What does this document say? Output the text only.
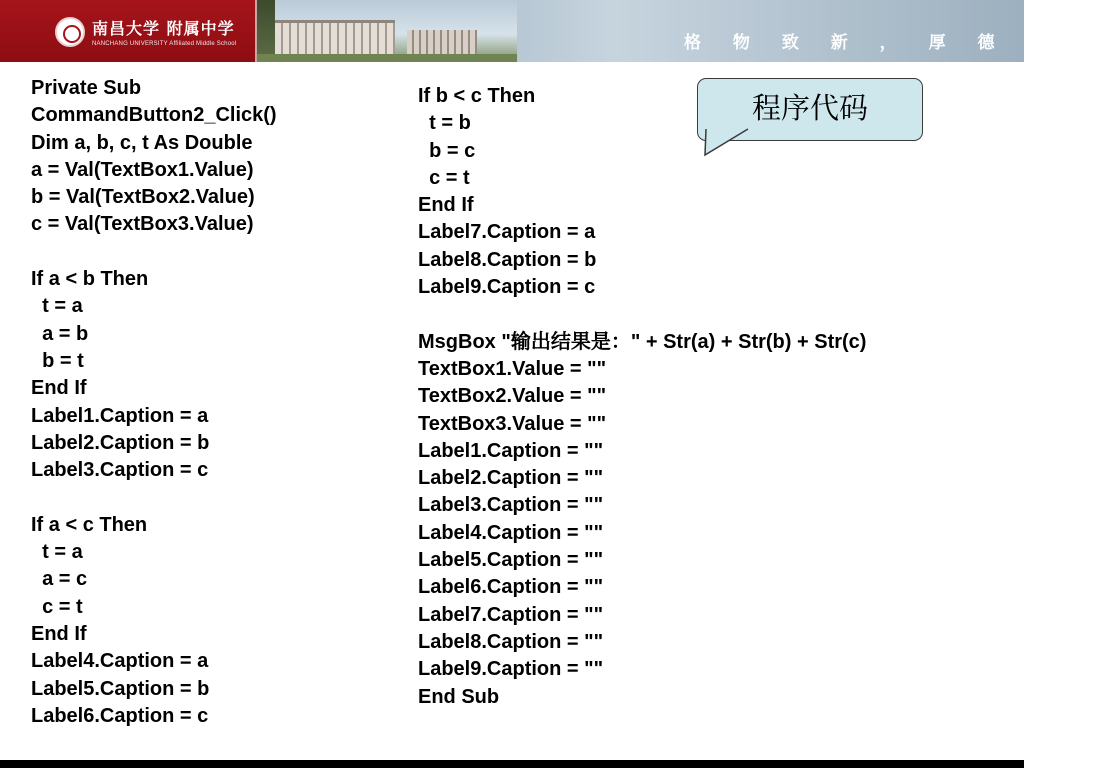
南昌大学 附属中学
NANCHANG UNIVERSITY Affiliated Middle School	格 物 致 新 ， 厚 德 泽 人
Private Sub
CommandButton2_Click()
Dim a, b, c, t As Double
a = Val(TextBox1.Value)
b = Val(TextBox2.Value)
c = Val(TextBox3.Value)

If a < b Then
t = a
a = b
b = t
End If
Label1.Caption = a
Label2.Caption = b
Label3.Caption = c

If a < c Then
t = a
a = c
c = t
End If
Label4.Caption = a
Label5.Caption = b
Label6.Caption = c
If b < c Then
t = b
b = c
c = t
End If
Label7.Caption = a
Label8.Caption = b
Label9.Caption = c

MsgBox "输出结果是：" + Str(a) + Str(b) + Str(c)
TextBox1.Value = ""
TextBox2.Value = ""
TextBox3.Value = ""
Label1.Caption = ""
Label2.Caption = ""
Label3.Caption = ""
Label4.Caption = ""
Label5.Caption = ""
Label6.Caption = ""
Label7.Caption = ""
Label8.Caption = ""
Label9.Caption = ""
End Sub
程序代码
